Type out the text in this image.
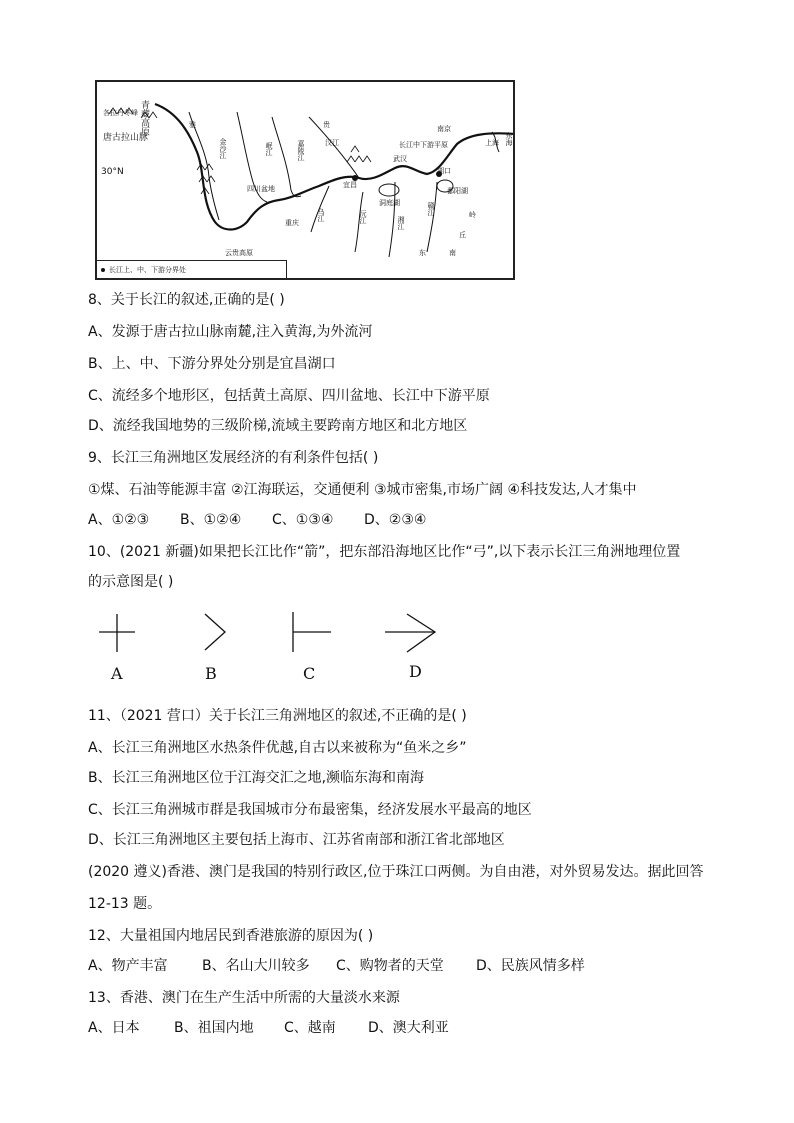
各拉丹冬峰
唐古拉山脉
青藏高原
30°N
雅
金沙江	岷江	嘉陵江	汉江
四川盆地
重庆
乌江
宜昌
武汉
洞庭湖
沅江	湘江
赣江
湖口
鄱阳湖
南京
上海 东海
长江中下游平原
云贵高原
岭
丘
南
东
贵
长江上、中、下游分界处
8、关于长江的叙述,正确的是( )
A、发源于唐古拉山脉南麓,注入黄海,为外流河
B、上、中、下游分界处分别是宜昌湖口
C、流经多个地形区，包括黄土高原、四川盆地、长江中下游平原
D、流经我国地势的三级阶梯,流域主要跨南方地区和北方地区
9、长江三角洲地区发展经济的有利条件包括( )
①煤、石油等能源丰富 ②江海联运，交通便利 ③城市密集,市场广阔 ④科技发达,人才集中
A、①②③ B、①②④ C、①③④ D、②③④
10、(2021 新疆)如果把长江比作“箭”，把东部沿海地区比作“弓”,以下表示长江三角洲地理位置
的示意图是( )
A	B	C	D
11、（2021 营口）关于长江三角洲地区的叙述,不正确的是( )
A、长江三角洲地区水热条件优越,自古以来被称为“鱼米之乡”
B、长江三角洲地区位于江海交汇之地,濒临东海和南海
C、长江三角洲城市群是我国城市分布最密集，经济发展水平最高的地区
D、长江三角洲地区主要包括上海市、江苏省南部和浙江省北部地区
(2020 遵义)香港、澳门是我国的特别行政区,位于珠江口两侧。为自由港，对外贸易发达。据此回答
12-13 题。
12、大量祖国内地居民到香港旅游的原因为( )
A、物产丰富 B、名山大川较多 C、购物者的天堂 D、民族风情多样
13、香港、澳门在生产生活中所需的大量淡水来源
A、日本 B、祖国内地 C、越南 D、澳大利亚
